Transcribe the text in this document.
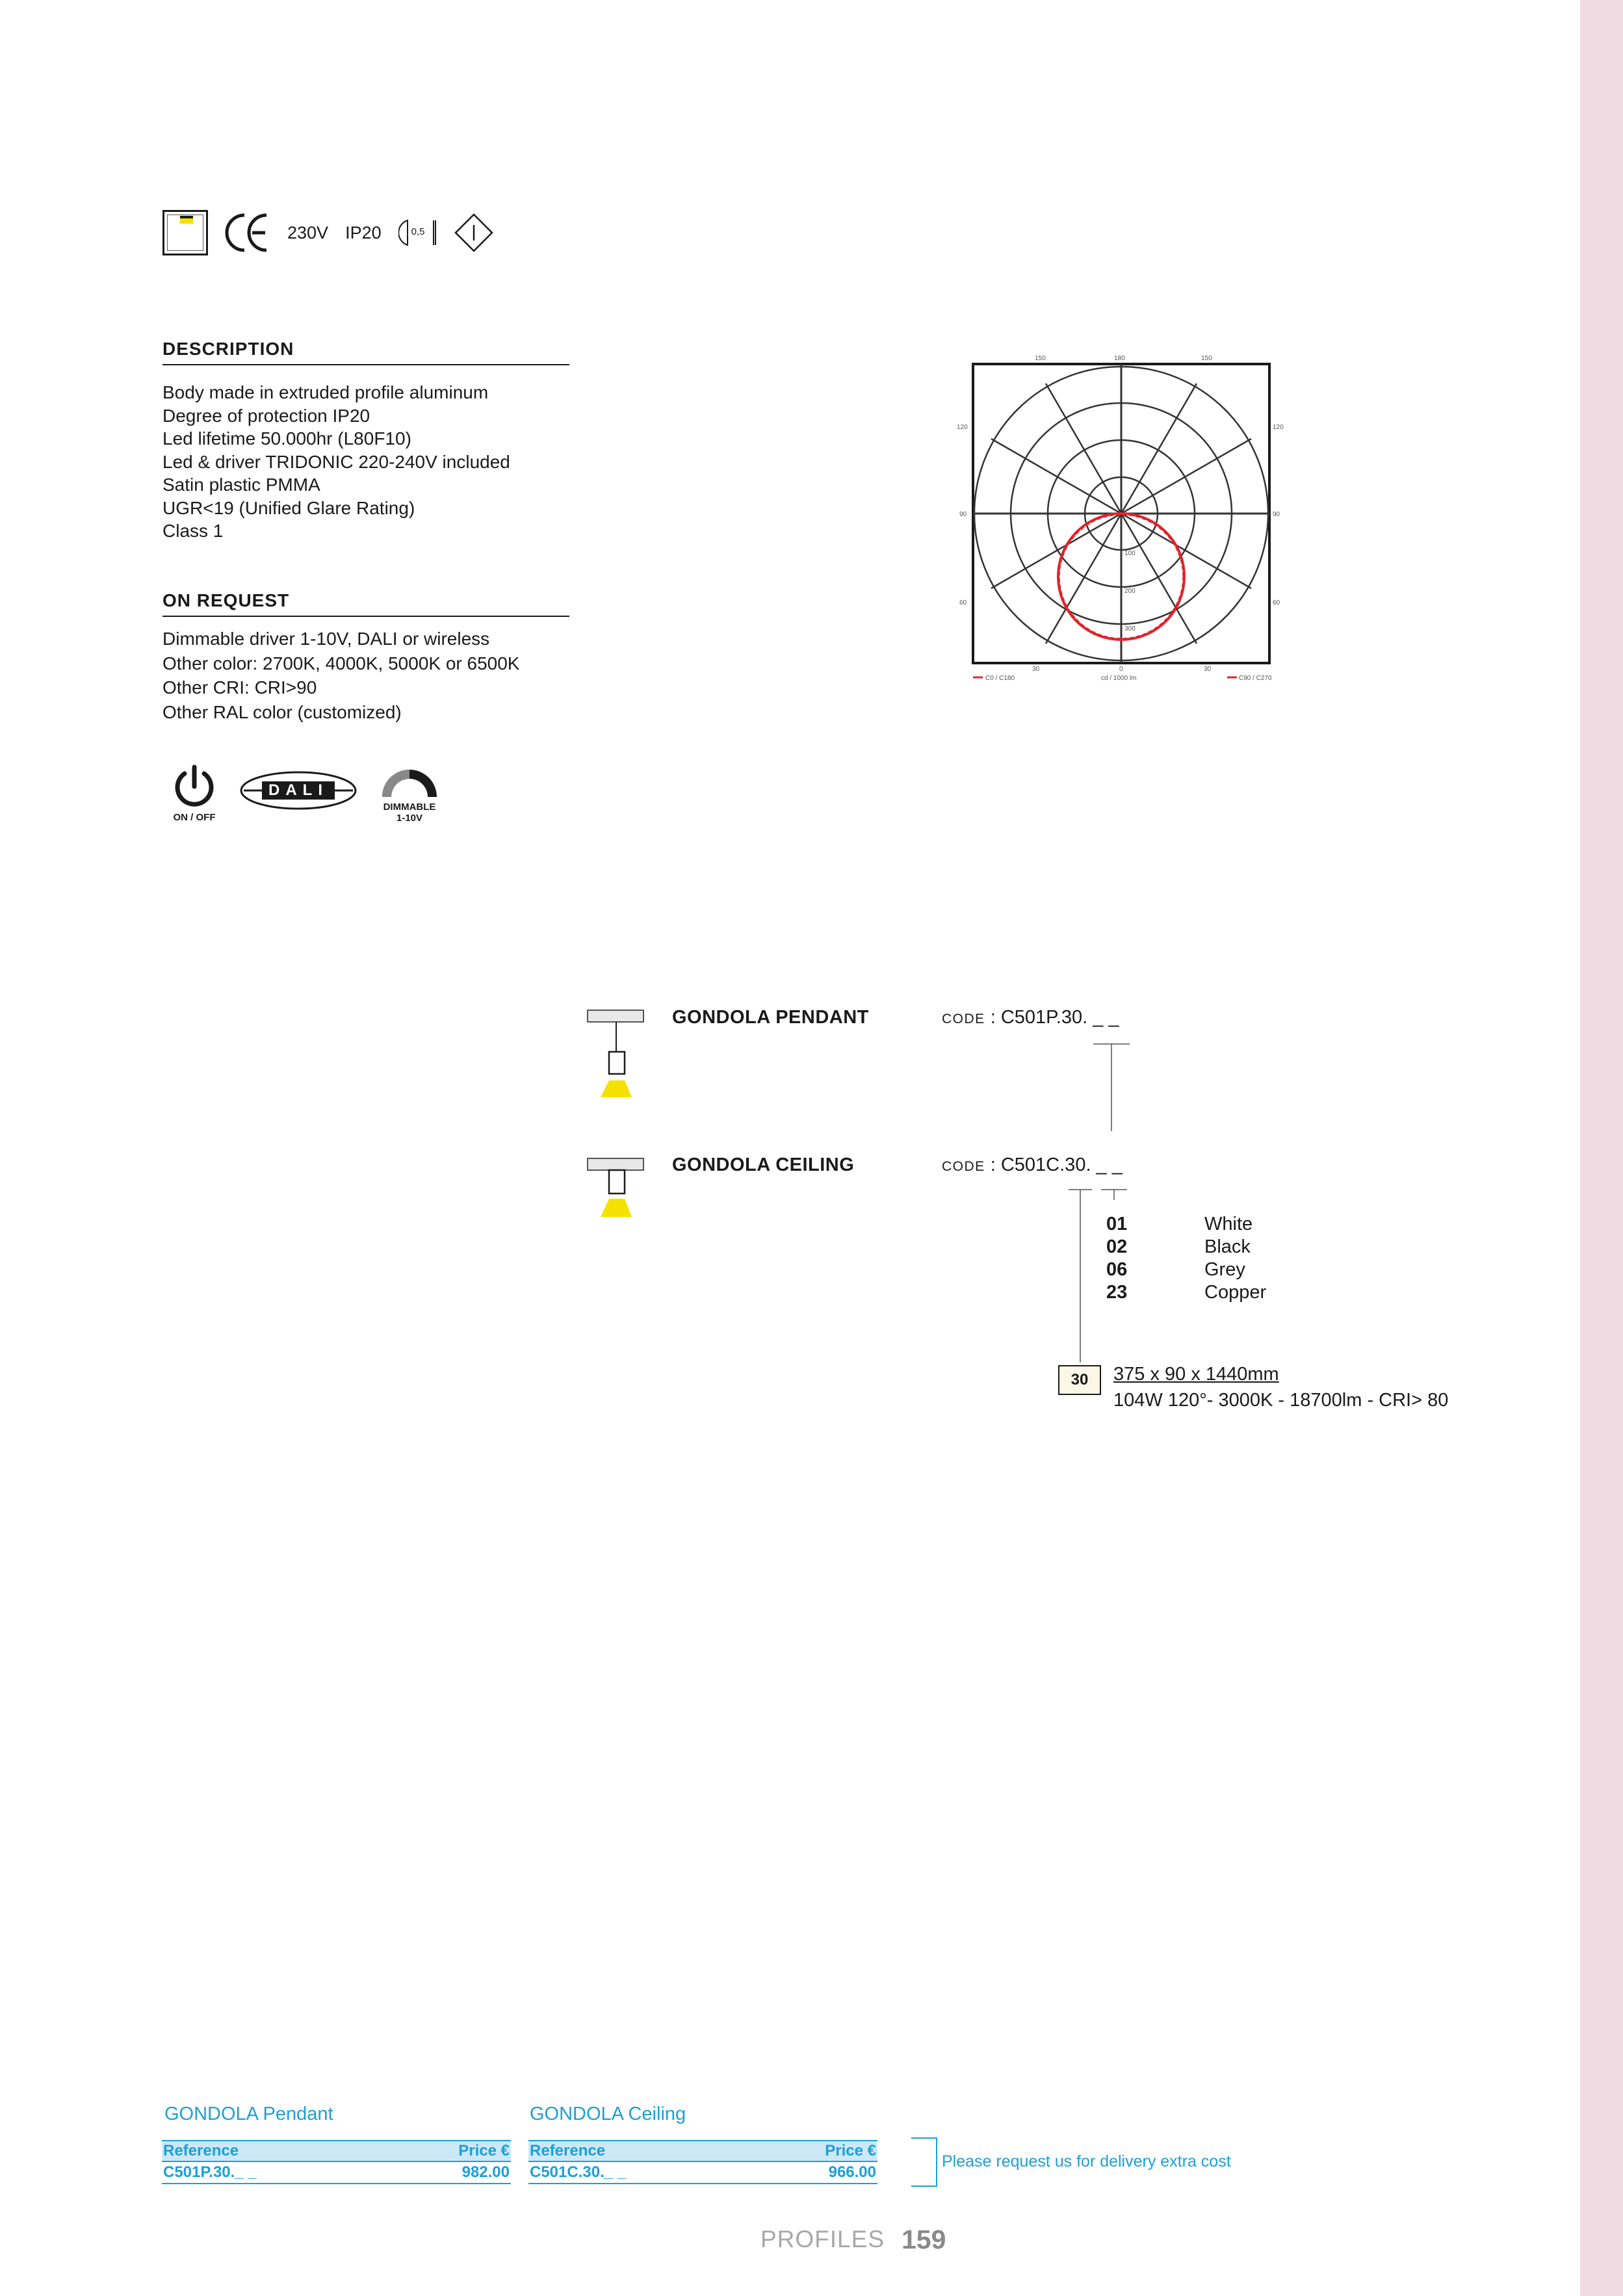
230V IP20	0,5
DESCRIPTION
Body made in extruded profile aluminum
Degree of protection IP20
Led lifetime 50.000hr (L80F10)
Led & driver TRIDONIC 220-240V included
Satin plastic PMMA
UGR<19 (Unified Glare Rating)
Class 1
ON REQUEST
Dimmable driver 1-10V, DALI or wireless
Other color: 2700K, 4000K, 5000K or 6500K
Other CRI: CRI>90
Other RAL color (customized)
ON / OFF
DALI
DIMMABLE
1-10V
150	180	150
120	120
90	90
60	60
100
200
300
30	0	30
C0 / C180	cd / 1000 lm	C90 / C270
GONDOLA PENDANT	CODE : C501P.30. _ _
GONDOLA CEILING	CODE : C501C.30. _ _
01	White
02	Black
06	Grey
23	Copper
30	375 x 90 x 1440mm
104W 120°- 3000K - 18700lm - CRI> 80
GONDOLA Pendant
Reference	Price €
C501P.30._ _	982.00
GONDOLA Ceiling
Reference	Price €
C501C.30._ _	966.00
Please request us for delivery extra cost
PROFILES 159
